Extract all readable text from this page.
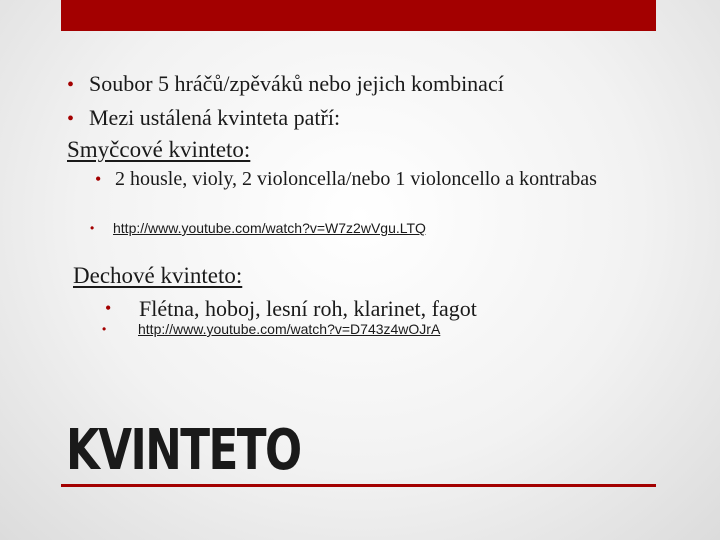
• Soubor 5 hráčů/zpěváků nebo jejich kombinací
• Mezi ustálená kvinteta patří:
Smyčcové kvinteto:
• 2 housle, violy, 2 violoncella/nebo 1 violoncello a kontrabas
• http://www.youtube.com/watch?v=W7z2wVgu.LTQ
Dechové kvinteto:
• Flétna, hoboj, lesní roh, klarinet, fagot
• http://www.youtube.com/watch?v=D743z4wOJrA
KVINTETO
